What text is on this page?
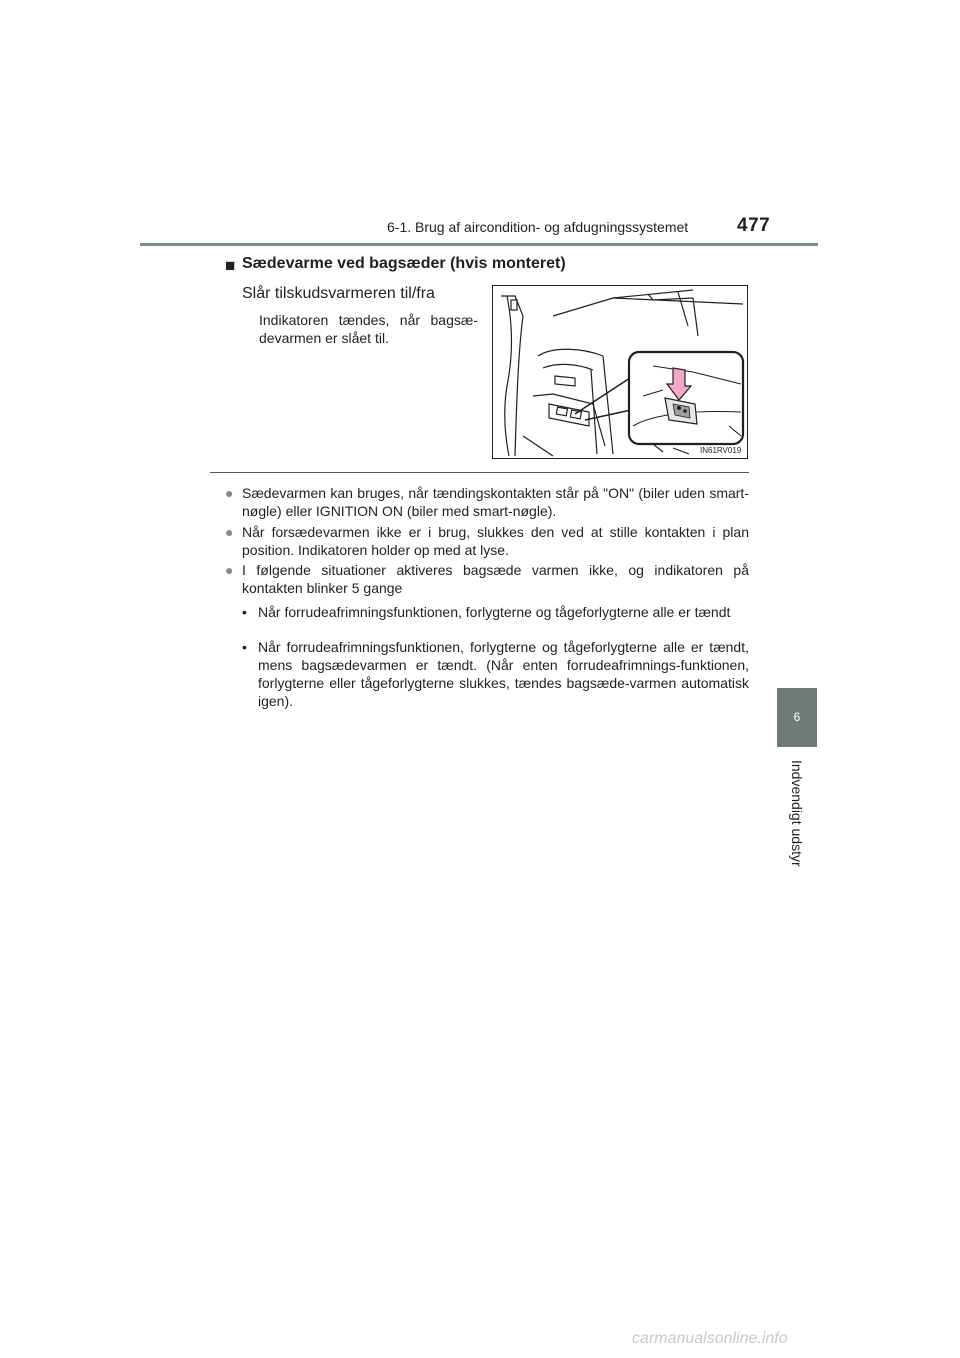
6-1. Brug af aircondition- og afdugningssystemet	477
6
Indvendigt udstyr
■ Sædevarme ved bagsæder (hvis monteret)
Slår tilskudsvarmeren til/fra
Indikatoren tændes, når bagsæ-devarmen er slået til.
IN61RV019
● Sædevarmen kan bruges, når tændingskontakten står på "ON" (biler uden smart-nøgle) eller IGNITION ON (biler med smart-nøgle).
● Når forsædevarmen ikke er i brug, slukkes den ved at stille kontakten i plan position. Indikatoren holder op med at lyse.
● I følgende situationer aktiveres bagsæde varmen ikke, og indikatoren på kontakten blinker 5 gange
• Når forrudeafrimningsfunktionen, forlygterne og tågeforlygterne alle er tændt
• Når forrudeafrimningsfunktionen, forlygterne og tågeforlygterne alle er tændt, mens bagsædevarmen er tændt. (Når enten forrudeafrimnings-funktionen, forlygterne eller tågeforlygterne slukkes, tændes bagsæde-varmen automatisk igen).
carmanualsonline.info
